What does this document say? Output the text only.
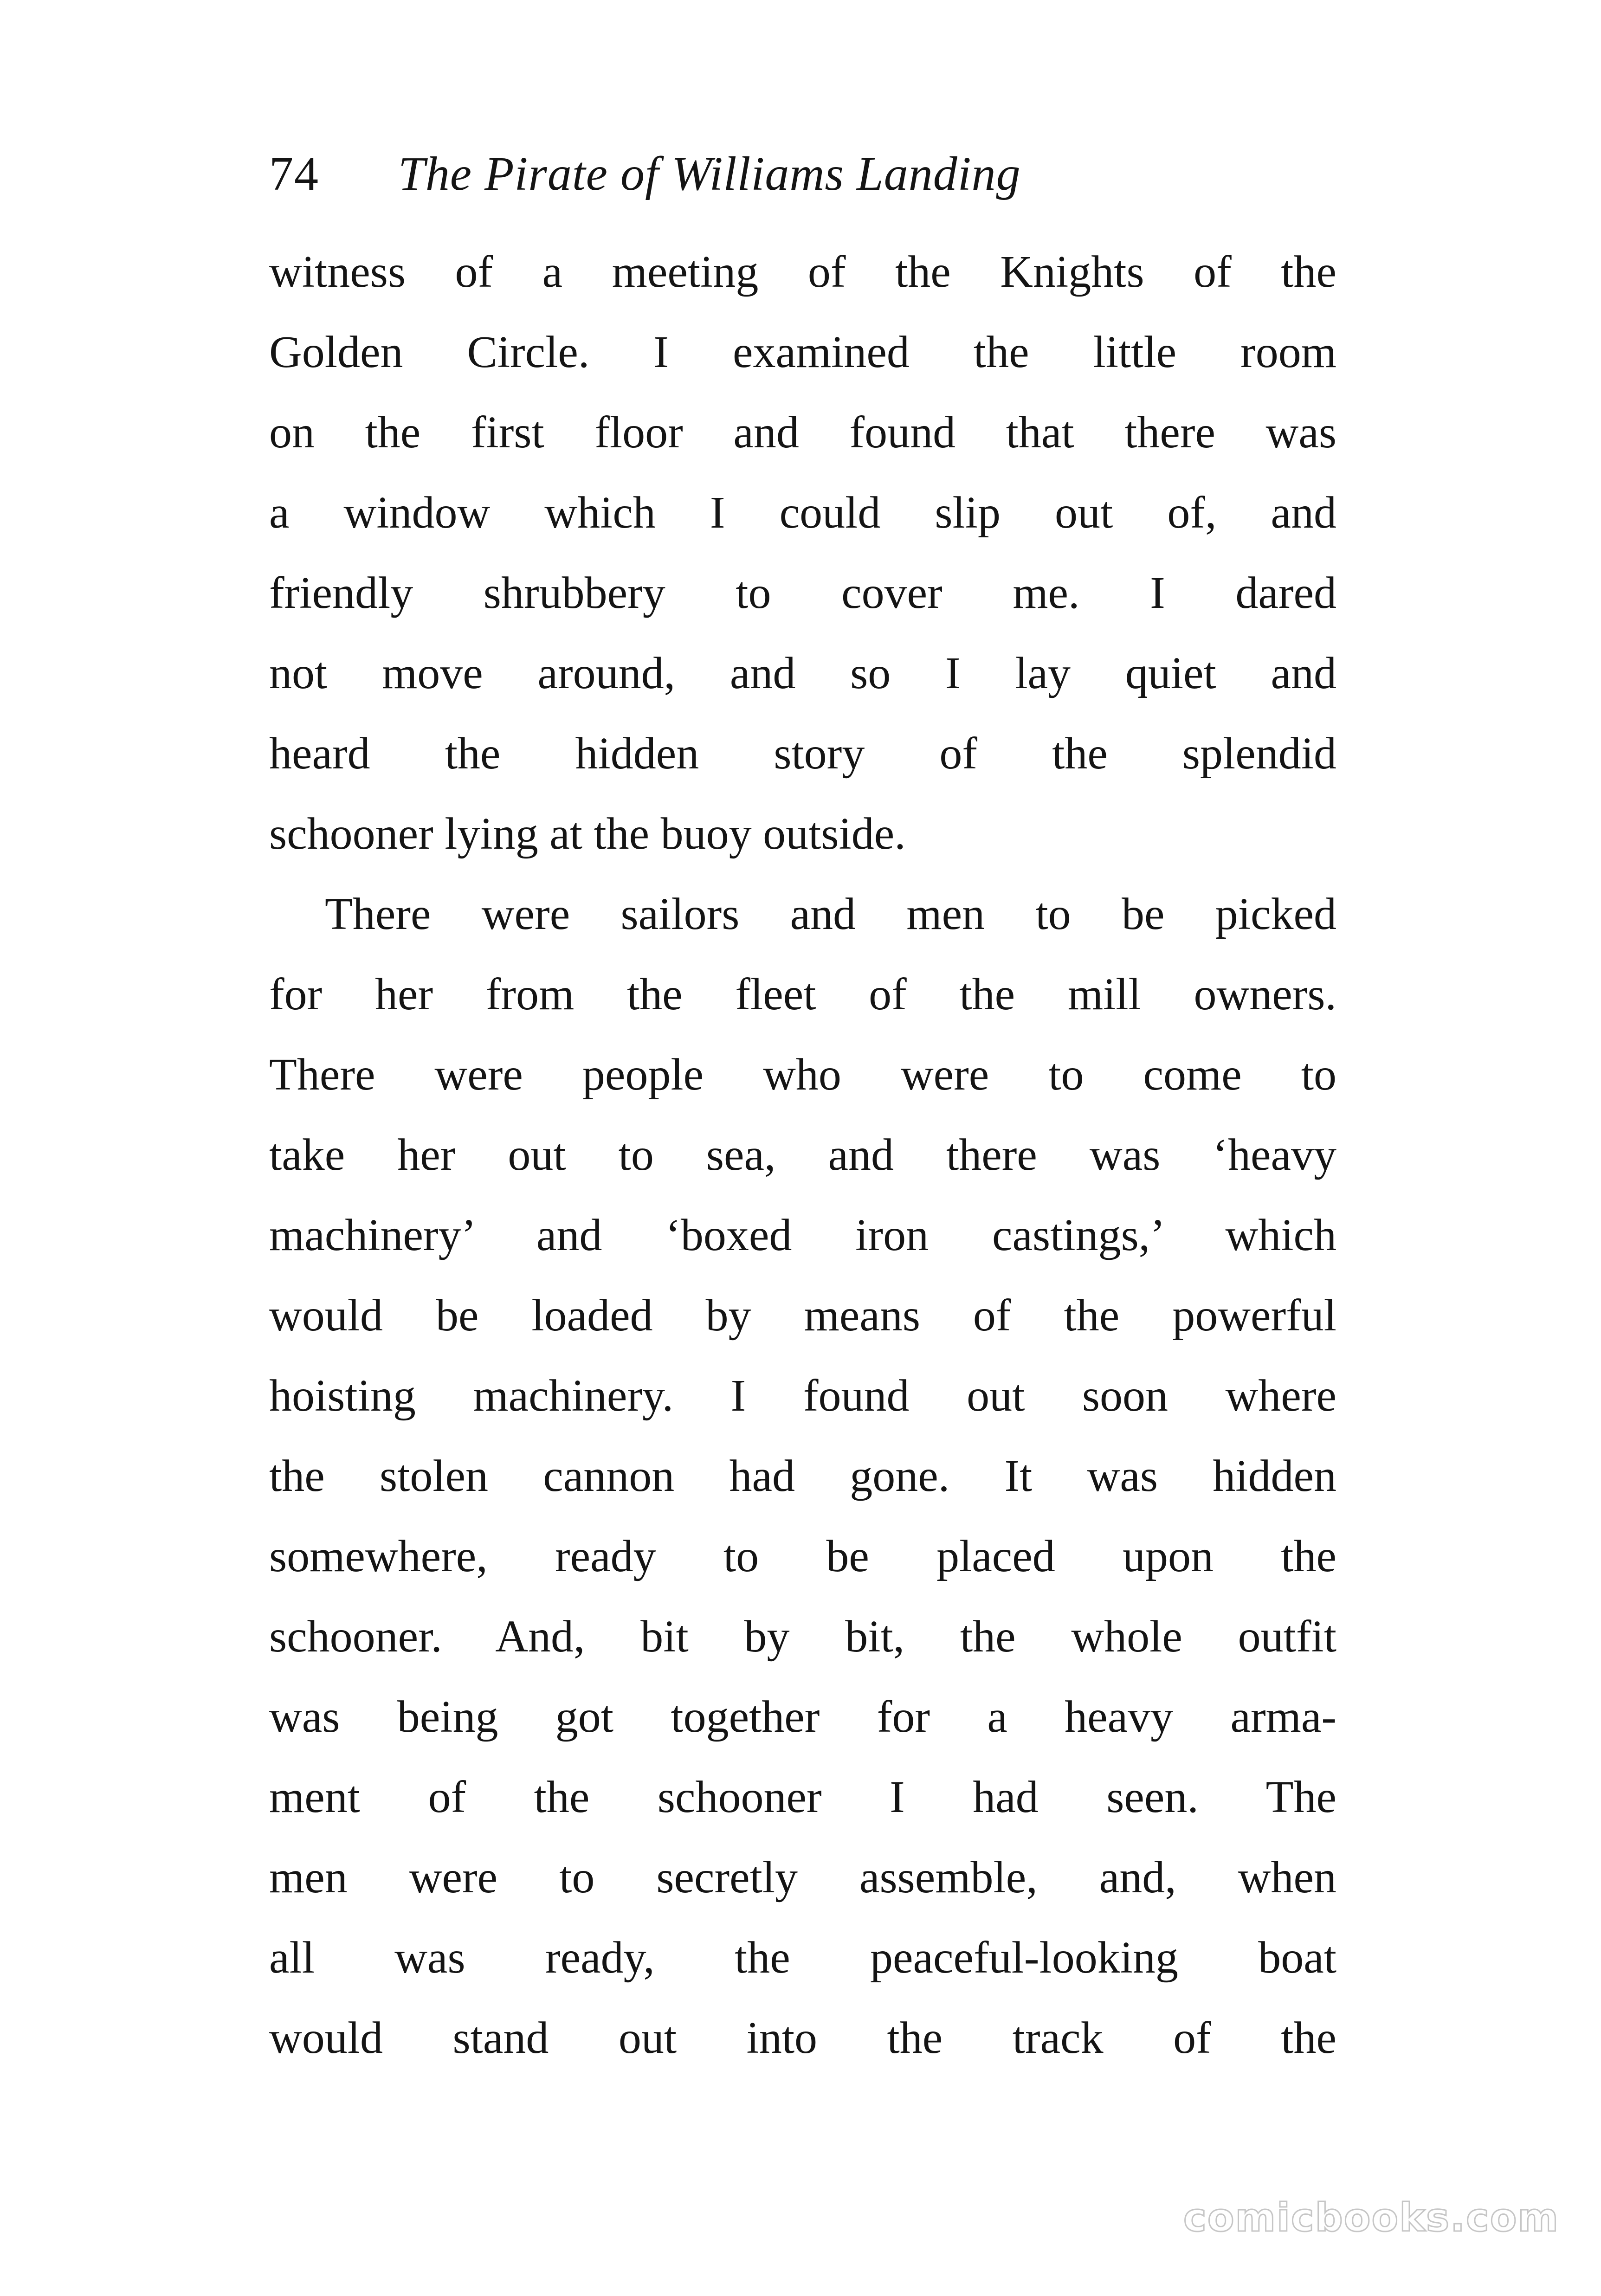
74 The Pirate of Williams Landing
witness of a meeting of the Knights of the
Golden Circle. I examined the little room
on the first floor and found that there was
a window which I could slip out of, and
friendly shrubbery to cover me. I dared
not move around, and so I lay quiet and
heard the hidden story of the splendid
schooner lying at the buoy outside.
There were sailors and men to be picked
for her from the fleet of the mill owners.
There were people who were to come to
take her out to sea, and there was ‘heavy
machinery’ and ‘boxed iron castings,’ which
would be loaded by means of the powerful
hoisting machinery. I found out soon where
the stolen cannon had gone. It was hidden
somewhere, ready to be placed upon the
schooner. And, bit by bit, the whole outfit
was being got together for a heavy arma-
ment of the schooner I had seen. The
men were to secretly assemble, and, when
all was ready, the peaceful-looking boat
would stand out into the track of the
comicbooks.com
